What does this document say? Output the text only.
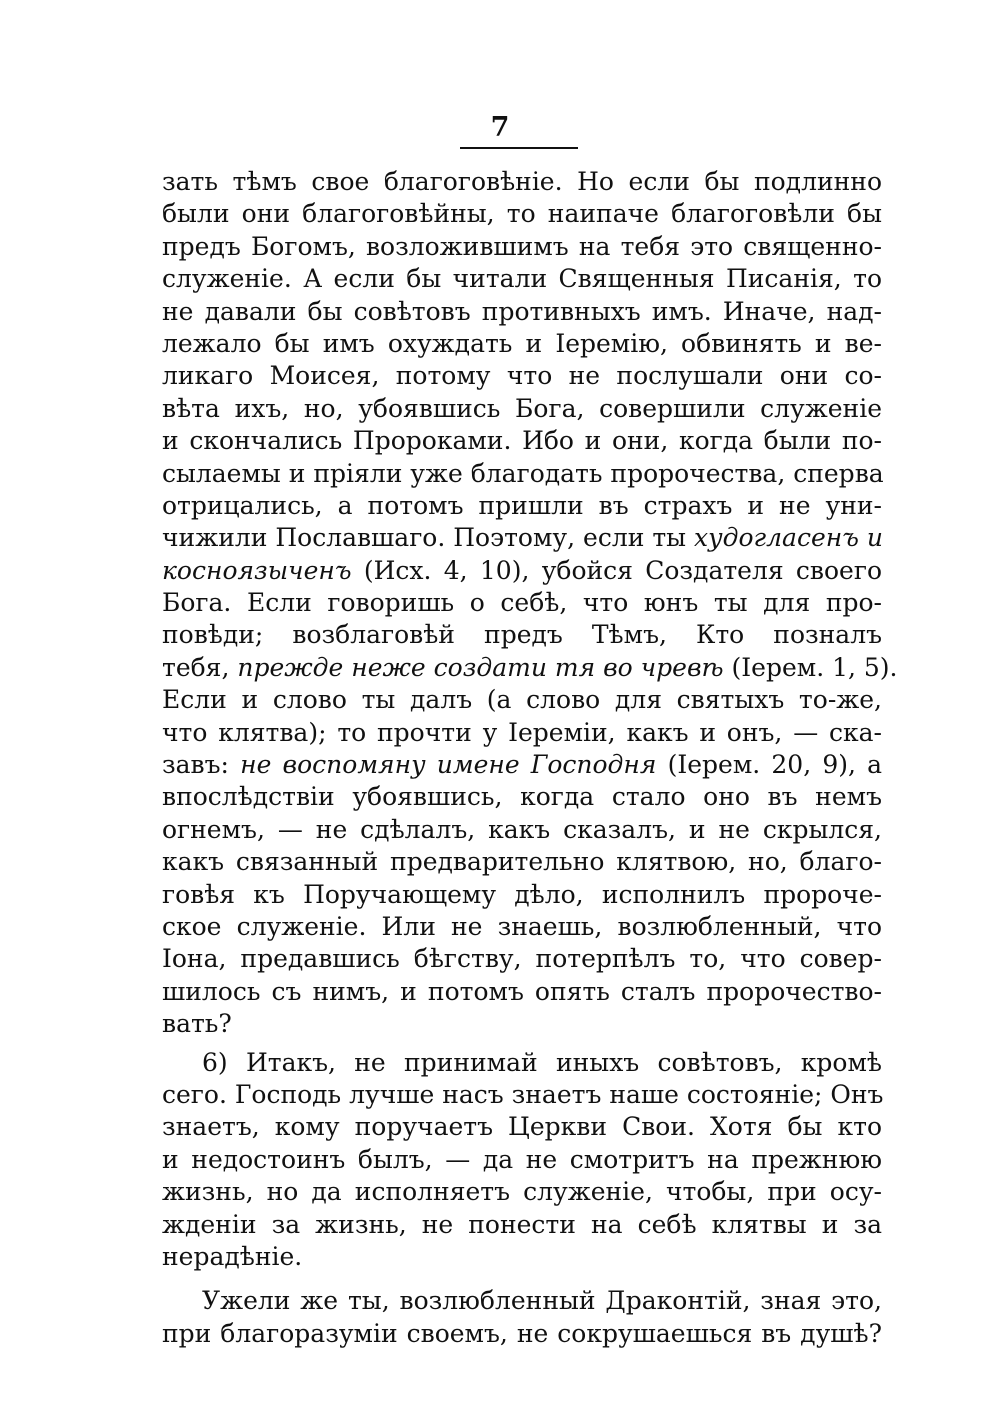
7
зать тѣмъ свое благоговѣніе. Но если бы подлинно
были они благоговѣйны, то наипаче благоговѣли бы
предъ Богомъ, возложившимъ на тебя это священно-
служеніе. А если бы читали Священныя Писанія, то
не давали бы совѣтовъ противныхъ имъ. Иначе, над-
лежало бы имъ охуждать и Іеремію, обвинять и ве-
ликаго Моисея, потому что не послушали они со-
вѣта ихъ, но, убоявшись Бога, совершили служеніе
и скончались Пророками. Ибо и они, когда были по-
сылаемы и пріяли уже благодать пророчества, сперва
отрицались, а потомъ пришли въ страхъ и не уни-
чижили Пославшаго. Поэтому, если ты худогласенъ и
косноязыченъ (Исх. 4, 10), убойся Создателя своего
Бога. Если говоришь о себѣ, что юнъ ты для про-
повѣди; возблаговѣй предъ Тѣмъ, Кто позналъ
тебя, прежде неже создати тя во чревѣ (Іерем. 1, 5).
Если и слово ты далъ (а слово для святыхъ то-же,
что клятва); то прочти у Іереміи, какъ и онъ, — ска-
завъ: не воспомяну имене Господня (Іерем. 20, 9), а
впослѣдствіи убоявшись, когда стало оно въ немъ
огнемъ, — не сдѣлалъ, какъ сказалъ, и не скрылся,
какъ связанный предварительно клятвою, но, благо-
говѣя къ Поручающему дѣло, исполнилъ пророче-
ское служеніе. Или не знаешь, возлюбленный, что
Іона, предавшись бѣгству, потерпѣлъ то, что совер-
шилось съ нимъ, и потомъ опять сталъ пророчество-
вать?
6) Итакъ, не принимай иныхъ совѣтовъ, кромѣ
сего. Господь лучше насъ знаетъ наше состояніе; Онъ
знаетъ, кому поручаетъ Церкви Свои. Хотя бы кто
и недостоинъ былъ, — да не смотритъ на прежнюю
жизнь, но да исполняетъ служеніе, чтобы, при осу-
жденіи за жизнь, не понести на себѣ клятвы и за
нерадѣніе.
Ужели же ты, возлюбленный Драконтій, зная это,
при благоразуміи своемъ, не сокрушаешься въ душѣ?
